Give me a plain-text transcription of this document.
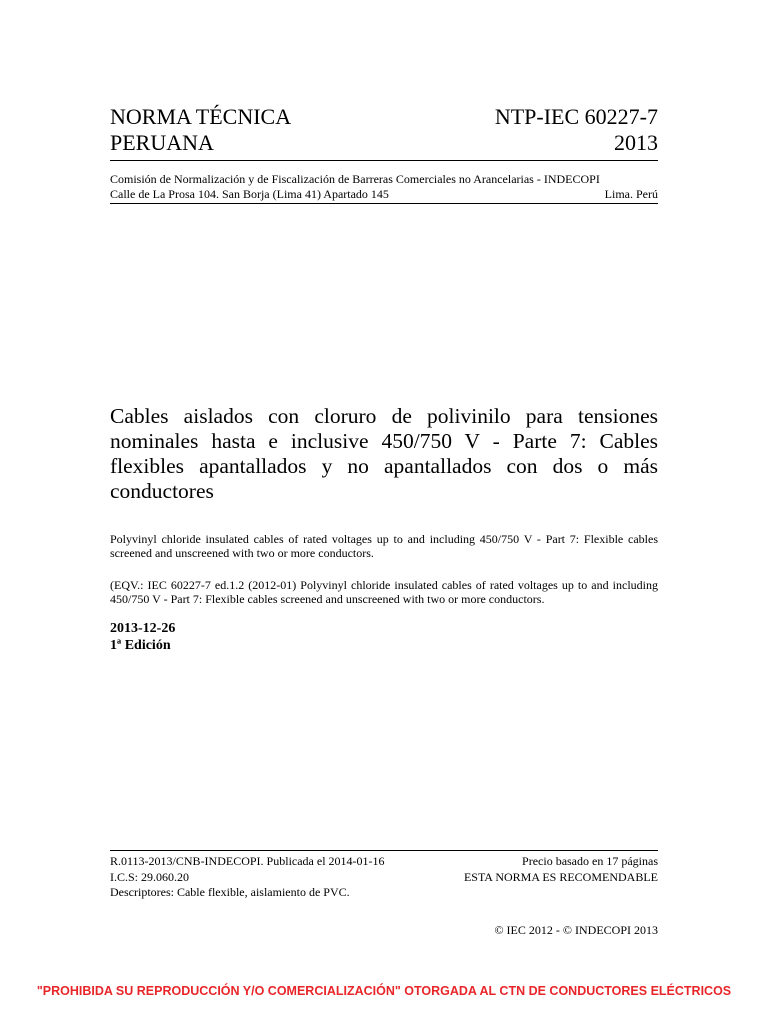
NORMA TÉCNICA	NTP-IEC 60227-7
PERUANA	2013
Comisión de Normalización y de Fiscalización de Barreras Comerciales no Arancelarias - INDECOPI
Calle de La Prosa 104. San Borja (Lima 41) Apartado 145	Lima. Perú
Cables aislados con cloruro de polivinilo para tensiones nominales hasta e inclusive 450/750 V - Parte 7: Cables flexibles apantallados y no apantallados con dos o más conductores
Polyvinyl chloride insulated cables of rated voltages up to and including 450/750 V - Part 7: Flexible cables screened and unscreened with two or more conductors.
(EQV.: IEC 60227-7 ed.1.2 (2012-01) Polyvinyl chloride insulated cables of rated voltages up to and including 450/750 V - Part 7: Flexible cables screened and unscreened with two or more conductors.
2013-12-26
1ª Edición
R.0113-2013/CNB-INDECOPI. Publicada el 2014-01-16	Precio basado en 17 páginas
I.C.S: 29.060.20	ESTA NORMA ES RECOMENDABLE
Descriptores: Cable flexible, aislamiento de PVC.
© IEC 2012 - © INDECOPI 2013
"PROHIBIDA SU REPRODUCCIÓN Y/O COMERCIALIZACIÓN" OTORGADA AL CTN DE CONDUCTORES ELÉCTRICOS
